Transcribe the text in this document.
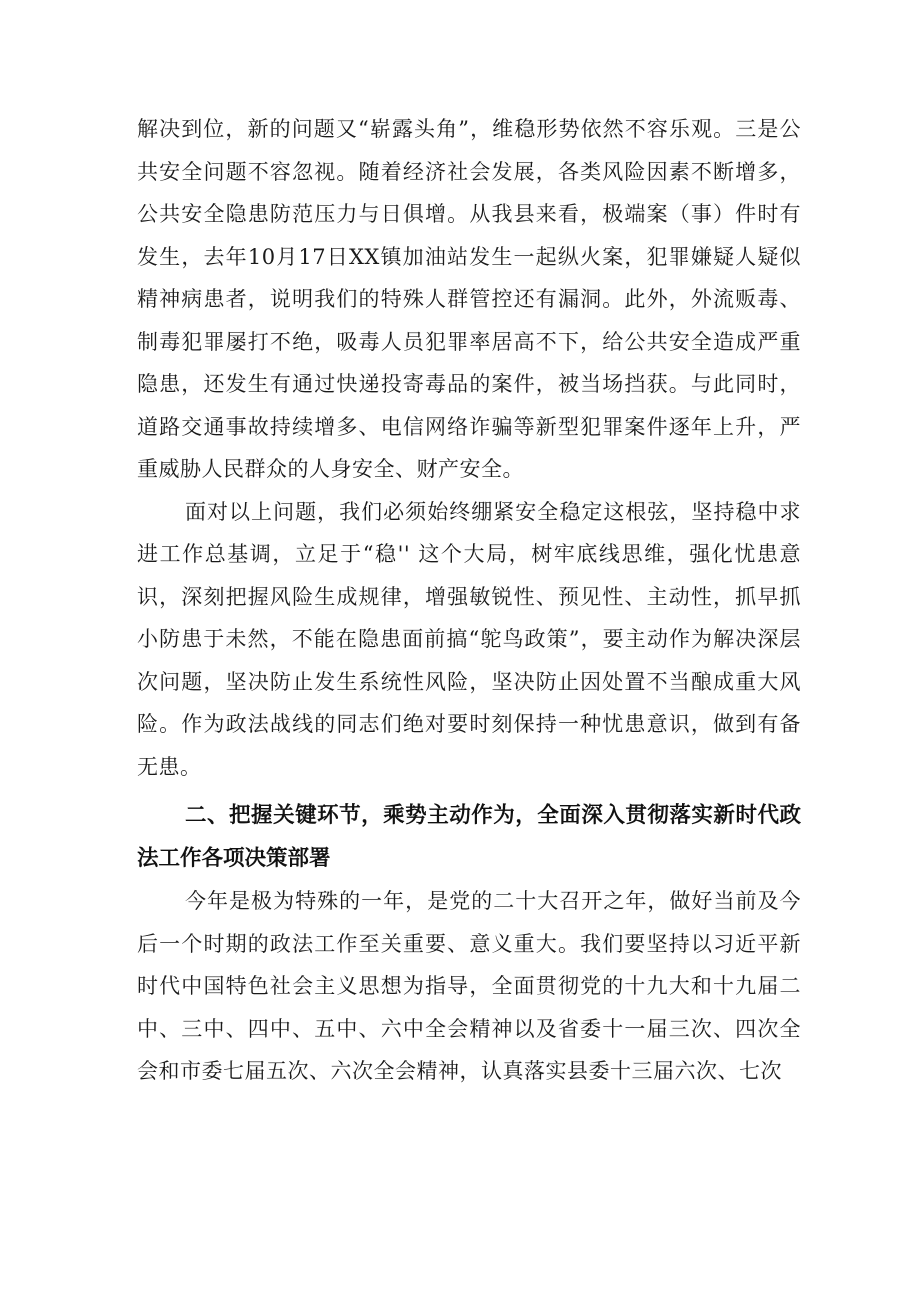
解决到位，新的问题又“崭露头角”，维稳形势依然不容乐观。三是公共安全问题不容忽视。随着经济社会发展，各类风险因素不断增多，公共安全隐患防范压力与日俱增。从我县来看，极端案（事）件时有发生，去年10月17日XX镇加油站发生一起纵火案，犯罪嫌疑人疑似精神病患者，说明我们的特殊人群管控还有漏洞。此外，外流贩毒、制毒犯罪屡打不绝，吸毒人员犯罪率居高不下，给公共安全造成严重隐患，还发生有通过快递投寄毒品的案件，被当场挡获。与此同时，道路交通事故持续增多、电信网络诈骗等新型犯罪案件逐年上升，严重威胁人民群众的人身安全、财产安全。

面对以上问题，我们必须始终绷紧安全稳定这根弦，坚持稳中求进工作总基调，立足于“稳'' 这个大局，树牢底线思维，强化忧患意识，深刻把握风险生成规律，增强敏锐性、预见性、主动性，抓早抓小防患于未然，不能在隐患面前搞“鸵鸟政策”，要主动作为解决深层次问题，坚决防止发生系统性风险，坚决防止因处置不当酿成重大风险。作为政法战线的同志们绝对要时刻保持一种忧患意识，做到有备无患。

二、把握关键环节，乘势主动作为，全面深入贯彻落实新时代政法工作各项决策部署

今年是极为特殊的一年，是党的二十大召开之年，做好当前及今后一个时期的政法工作至关重要、意义重大。我们要坚持以习近平新时代中国特色社会主义思想为指导，全面贯彻党的十九大和十九届二中、三中、四中、五中、六中全会精神以及省委十一届三次、四次全会和市委七届五次、六次全会精神，认真落实县委十三届六次、七次
